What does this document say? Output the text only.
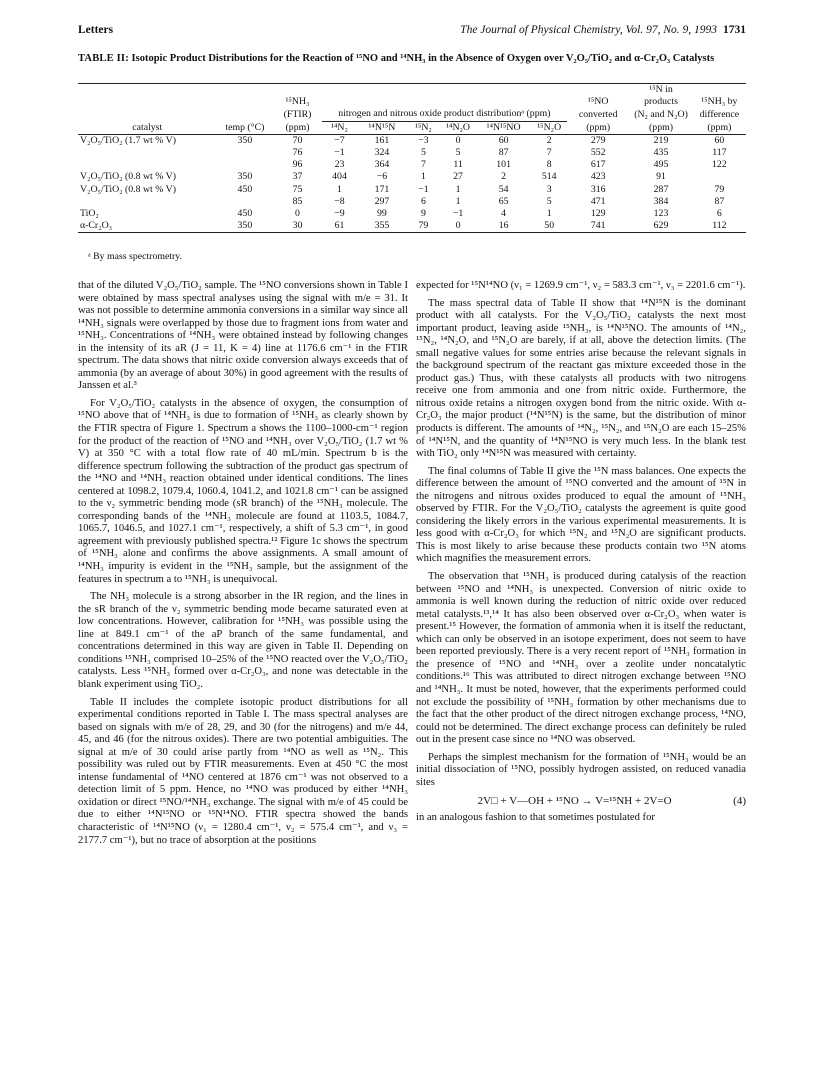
Letters	The Journal of Physical Chemistry, Vol. 97, No. 9, 1993 1731
TABLE II: Isotopic Product Distributions for the Reaction of ¹⁵NO and ¹⁴NH₃ in the Absence of Oxygen over V₂O₅/TiO₂ and α-Cr₂O₃ Catalysts

										¹⁵N in	
		¹⁵NH₃							¹⁵NO	products	¹⁵NH₃ by
		(FTIR)	nitrogen and nitrous oxide product distributionᵃ (ppm)						converted	(N₂ and N₂O)	difference
catalyst	temp (°C)	(ppm)	¹⁴N₂	¹⁴N¹⁵N	¹⁵N₂	¹⁴N₂O	¹⁴N¹⁵NO	¹⁵N₂O	(ppm)	(ppm)	(ppm)
V₂O₅/TiO₂ (1.7 wt % V)	350	70	−7	161	−3	0	60	2	279	219	60
		76	−1	324	5	5	87	7	552	435	117
		96	23	364	7	11	101	8	617	495	122
V₂O₅/TiO₂ (0.8 wt % V)	350	37	404	−6	1	27	2	514	423	91	
V₂O₅/TiO₂ (0.8 wt % V)	450	75	1	171	−1	1	54	3	316	287	79
		85	−8	297	6	1	65	5	471	384	87
TiO₂	450	0	−9	99	9	−1	4	1	129	123	6
α-Cr₂O₃	350	30	61	355	79	0	16	50	741	629	112
ᵃ By mass spectrometry.

that of the diluted V₂O₅/TiO₂ sample. The ¹⁵NO conversions shown in Table I were obtained by mass spectral analyses using the signal with m/e = 31. It was not possible to determine ammonia conversions in a similar way since all ¹⁴NH₃ signals were overlapped by those due to fragment ions from water and ¹⁵NH₃. Concentrations of ¹⁴NH₃ were obtained instead by following changes in the intensity of its aR (J = 11, K = 4) line at 1176.6 cm⁻¹ in the FTIR spectrum. The data shows that nitric oxide conversion always exceeds that of ammonia (by an average of about 30%) in good agreement with the results of Janssen et al.³

For V₂O₅/TiO₂ catalysts in the absence of oxygen, the consumption of ¹⁵NO above that of ¹⁴NH₃ is due to formation of ¹⁵NH₃ as clearly shown by the FTIR spectra of Figure 1. Spectrum a shows the 1100–1000-cm⁻¹ region for the product of the reaction of ¹⁵NO and ¹⁴NH₃ over V₂O₅/TiO₂ (1.7 wt % V) at 350 °C with a total flow rate of 40 mL/min. Spectrum b is the difference spectrum following the subtraction of the product gas spectrum of the ¹⁴NO and ¹⁴NH₃ reaction obtained under identical conditions. The lines centered at 1098.2, 1079.4, 1060.4, 1041.2, and 1021.8 cm⁻¹ can be assigned to the ν₂ symmetric bending mode (sR branch) of the ¹⁵NH₃ molecule. The corresponding bands of the ¹⁴NH₃ molecule are found at 1103.5, 1084.7, 1065.7, 1046.5, and 1027.1 cm⁻¹, respectively, a shift of 5.3 cm⁻¹, in good agreement with previously published spectra.¹² Figure 1c shows the spectrum of ¹⁵NH₃ alone and confirms the above assignments. A small amount of ¹⁴NH₃ impurity is evident in the ¹⁵NH₃ sample, but the assignment of the features in spectrum a to ¹⁵NH₃ is unequivocal.

The NH₃ molecule is a strong absorber in the IR region, and the lines in the sR branch of the ν₂ symmetric bending mode became saturated even at low concentrations. However, calibration for ¹⁵NH₃ was possible using the line at 849.1 cm⁻¹ of the aP branch of the same fundamental, and concentrations determined in this way are given in Table II. Depending on conditions ¹⁵NH₃ comprised 10–25% of the ¹⁵NO reacted over the V₂O₅/TiO₂ catalysts. Less ¹⁵NH₃ formed over α-Cr₂O₃, and none was detectable in the blank experiment using TiO₂.

Table II includes the complete isotopic product distributions for all experimental conditions reported in Table I. The mass spectral analyses are based on signals with m/e of 28, 29, and 30 (for the nitrogens) and m/e 44, 45, and 46 (for the nitrous oxides). There are two potential ambiguities. The signal at m/e of 30 could arise partly from ¹⁴NO as well as ¹⁵N₂. This possibility was ruled out by FTIR measurements. Even at 450 °C the most intense fundamental of ¹⁴NO centered at 1876 cm⁻¹ was not observed to a detection limit of 5 ppm. Hence, no ¹⁴NO was produced by either ¹⁴NH₃ oxidation or direct ¹⁵NO/¹⁴NH₃ exchange. The signal with m/e of 45 could be due to either ¹⁴N¹⁵NO or ¹⁵N¹⁴NO. FTIR spectra showed the bands characteristic of ¹⁴N¹⁵NO (ν₁ = 1280.4 cm⁻¹, ν₂ = 575.4 cm⁻¹, and ν₃ = 2177.7 cm⁻¹), but no trace of absorption at the positions

expected for ¹⁵N¹⁴NO (ν₁ = 1269.9 cm⁻¹, ν₂ = 583.3 cm⁻¹, ν₃ = 2201.6 cm⁻¹).

The mass spectral data of Table II show that ¹⁴N¹⁵N is the dominant product with all catalysts. For the V₂O₅/TiO₂ catalysts the next most important product, leaving aside ¹⁵NH₃, is ¹⁴N¹⁵NO. The amounts of ¹⁴N₂, ¹⁵N₂, ¹⁴N₂O, and ¹⁵N₂O are barely, if at all, above the detection limits. (The small negative values for some entries arise because the relevant signals in the background spectrum of the reactant gas mixture exceeded those in the product gas.) Thus, with these catalysts all products with two nitrogens receive one from ammonia and one from nitric oxide. Furthermore, the nitrous oxide retains a nitrogen oxygen bond from the nitric oxide. With α-Cr₂O₃ the major product (¹⁴N¹⁵N) is the same, but the distribution of minor products is different. The amounts of ¹⁴N₂, ¹⁵N₂, and ¹⁵N₂O are each 15–25% of ¹⁴N¹⁵N, and the quantity of ¹⁴N¹⁵NO is very much less. In the blank test with TiO₂ only ¹⁴N¹⁵N was measured with certainty.

The final columns of Table II give the ¹⁵N mass balances. One expects the difference between the amount of ¹⁵NO converted and the amount of ¹⁵N in the nitrogens and nitrous oxides produced to equal the amount of ¹⁵NH₃ observed by FTIR. For the V₂O₅/TiO₂ catalysts the agreement is quite good considering the likely errors in the various experimental measurements. It is less good with α-Cr₂O₃ for which ¹⁵N₂ and ¹⁵N₂O are significant products. This is most likely to arise because these products contain two ¹⁵N atoms which magnifies the measurement errors.

The observation that ¹⁵NH₃ is produced during catalysis of the reaction between ¹⁵NO and ¹⁴NH₃ is unexpected. Conversion of nitric oxide to ammonia is well known during the reduction of nitric oxide over reduced metal catalysts.¹³,¹⁴ It has also been observed over α-Cr₂O₃ when water is present.¹⁵ However, the formation of ammonia when it is itself the reductant, which can only be observed in an isotope experiment, does not seem to have been reported previously. There is a very recent report of ¹⁵NH₃ formation in the presence of ¹⁵NO and ¹⁴NH₃ over a zeolite under noncatalytic conditions.¹⁶ This was attributed to direct nitrogen exchange between ¹⁵NO and ¹⁴NH₃. It must be noted, however, that the experiments performed could not exclude the possibility of ¹⁵NH₃ formation by other mechanisms due to the fact that the other product of the direct nitrogen exchange process, ¹⁴NO, could not be determined. The direct exchange process can definitely be ruled out in the present case since no ¹⁴NO was observed.

Perhaps the simplest mechanism for the formation of ¹⁵NH₃ would be an initial dissociation of ¹⁵NO, possibly hydrogen assisted, on reduced vanadia sites

2V□ + V—OH + ¹⁵NO → V=¹⁵NH + 2V=O	(4)

in an analogous fashion to that sometimes postulated for
